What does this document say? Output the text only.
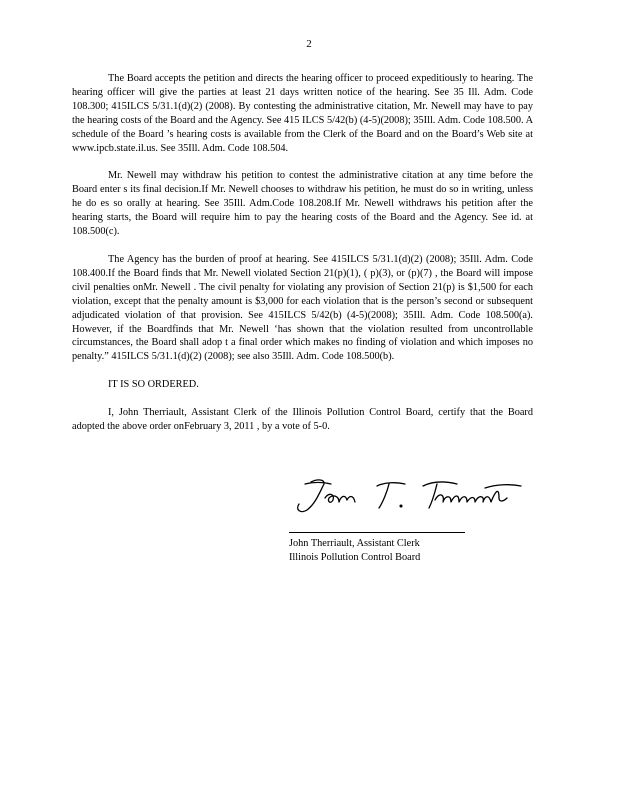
2

The Board accepts the petition and directs the hearing officer to proceed expeditiously to hearing. The hearing officer will give the parties at least 21 days written notice of the hearing. See 35 Ill. Adm. Code 108.300; 415ILCS 5/31.1(d)(2) (2008). By contesting the administrative citation, Mr. Newell may have to pay the hearing costs of the Board and the Agency. See 415 ILCS 5/42(b) (4-5)(2008); 35Ill. Adm. Code 108.500. A schedule of the Board ’s hearing costs is available from the Clerk of the Board and on the Board’s Web site at www.ipcb.state.il.us. See 35Ill. Adm. Code 108.504.

Mr. Newell may withdraw his petition to contest the administrative citation at any time before the Board enter s its final decision.If Mr. Newell chooses to withdraw his petition, he must do so in writing, unless he do es so orally at hearing. See 35Ill. Adm.Code 108.208.If Mr. Newell withdraws his petition after the hearing starts, the Board will require him to pay the hearing costs of the Board and the Agency. See id. at 108.500(c).

The Agency has the burden of proof at hearing. See 415ILCS 5/31.1(d)(2) (2008); 35Ill. Adm. Code 108.400.If the Board finds that Mr. Newell violated Section 21(p)(1), ( p)(3), or (p)(7) , the Board will impose civil penalties onMr. Newell . The civil penalty for violating any provision of Section 21(p) is $1,500 for each violation, except that the penalty amount is $3,000 for each violation that is the person’s second or subsequent adjudicated violation of that provision. See 415ILCS 5/42(b) (4-5)(2008); 35Ill. Adm. Code 108.500(a). However, if the Boardfinds that Mr. Newell ‘has shown that the violation resulted from uncontrollable circumstances, the Board shall adop t a final order which makes no finding of violation and which imposes no penalty.” 415ILCS 5/31.1(d)(2) (2008); see also 35Ill. Adm. Code 108.500(b).

IT IS SO ORDERED.

I, John Therriault, Assistant Clerk of the Illinois Pollution Control Board, certify that the Board adopted the above order onFebruary 3, 2011 , by a vote of 5-0.

John Therriault, Assistant Clerk
Illinois Pollution Control Board
